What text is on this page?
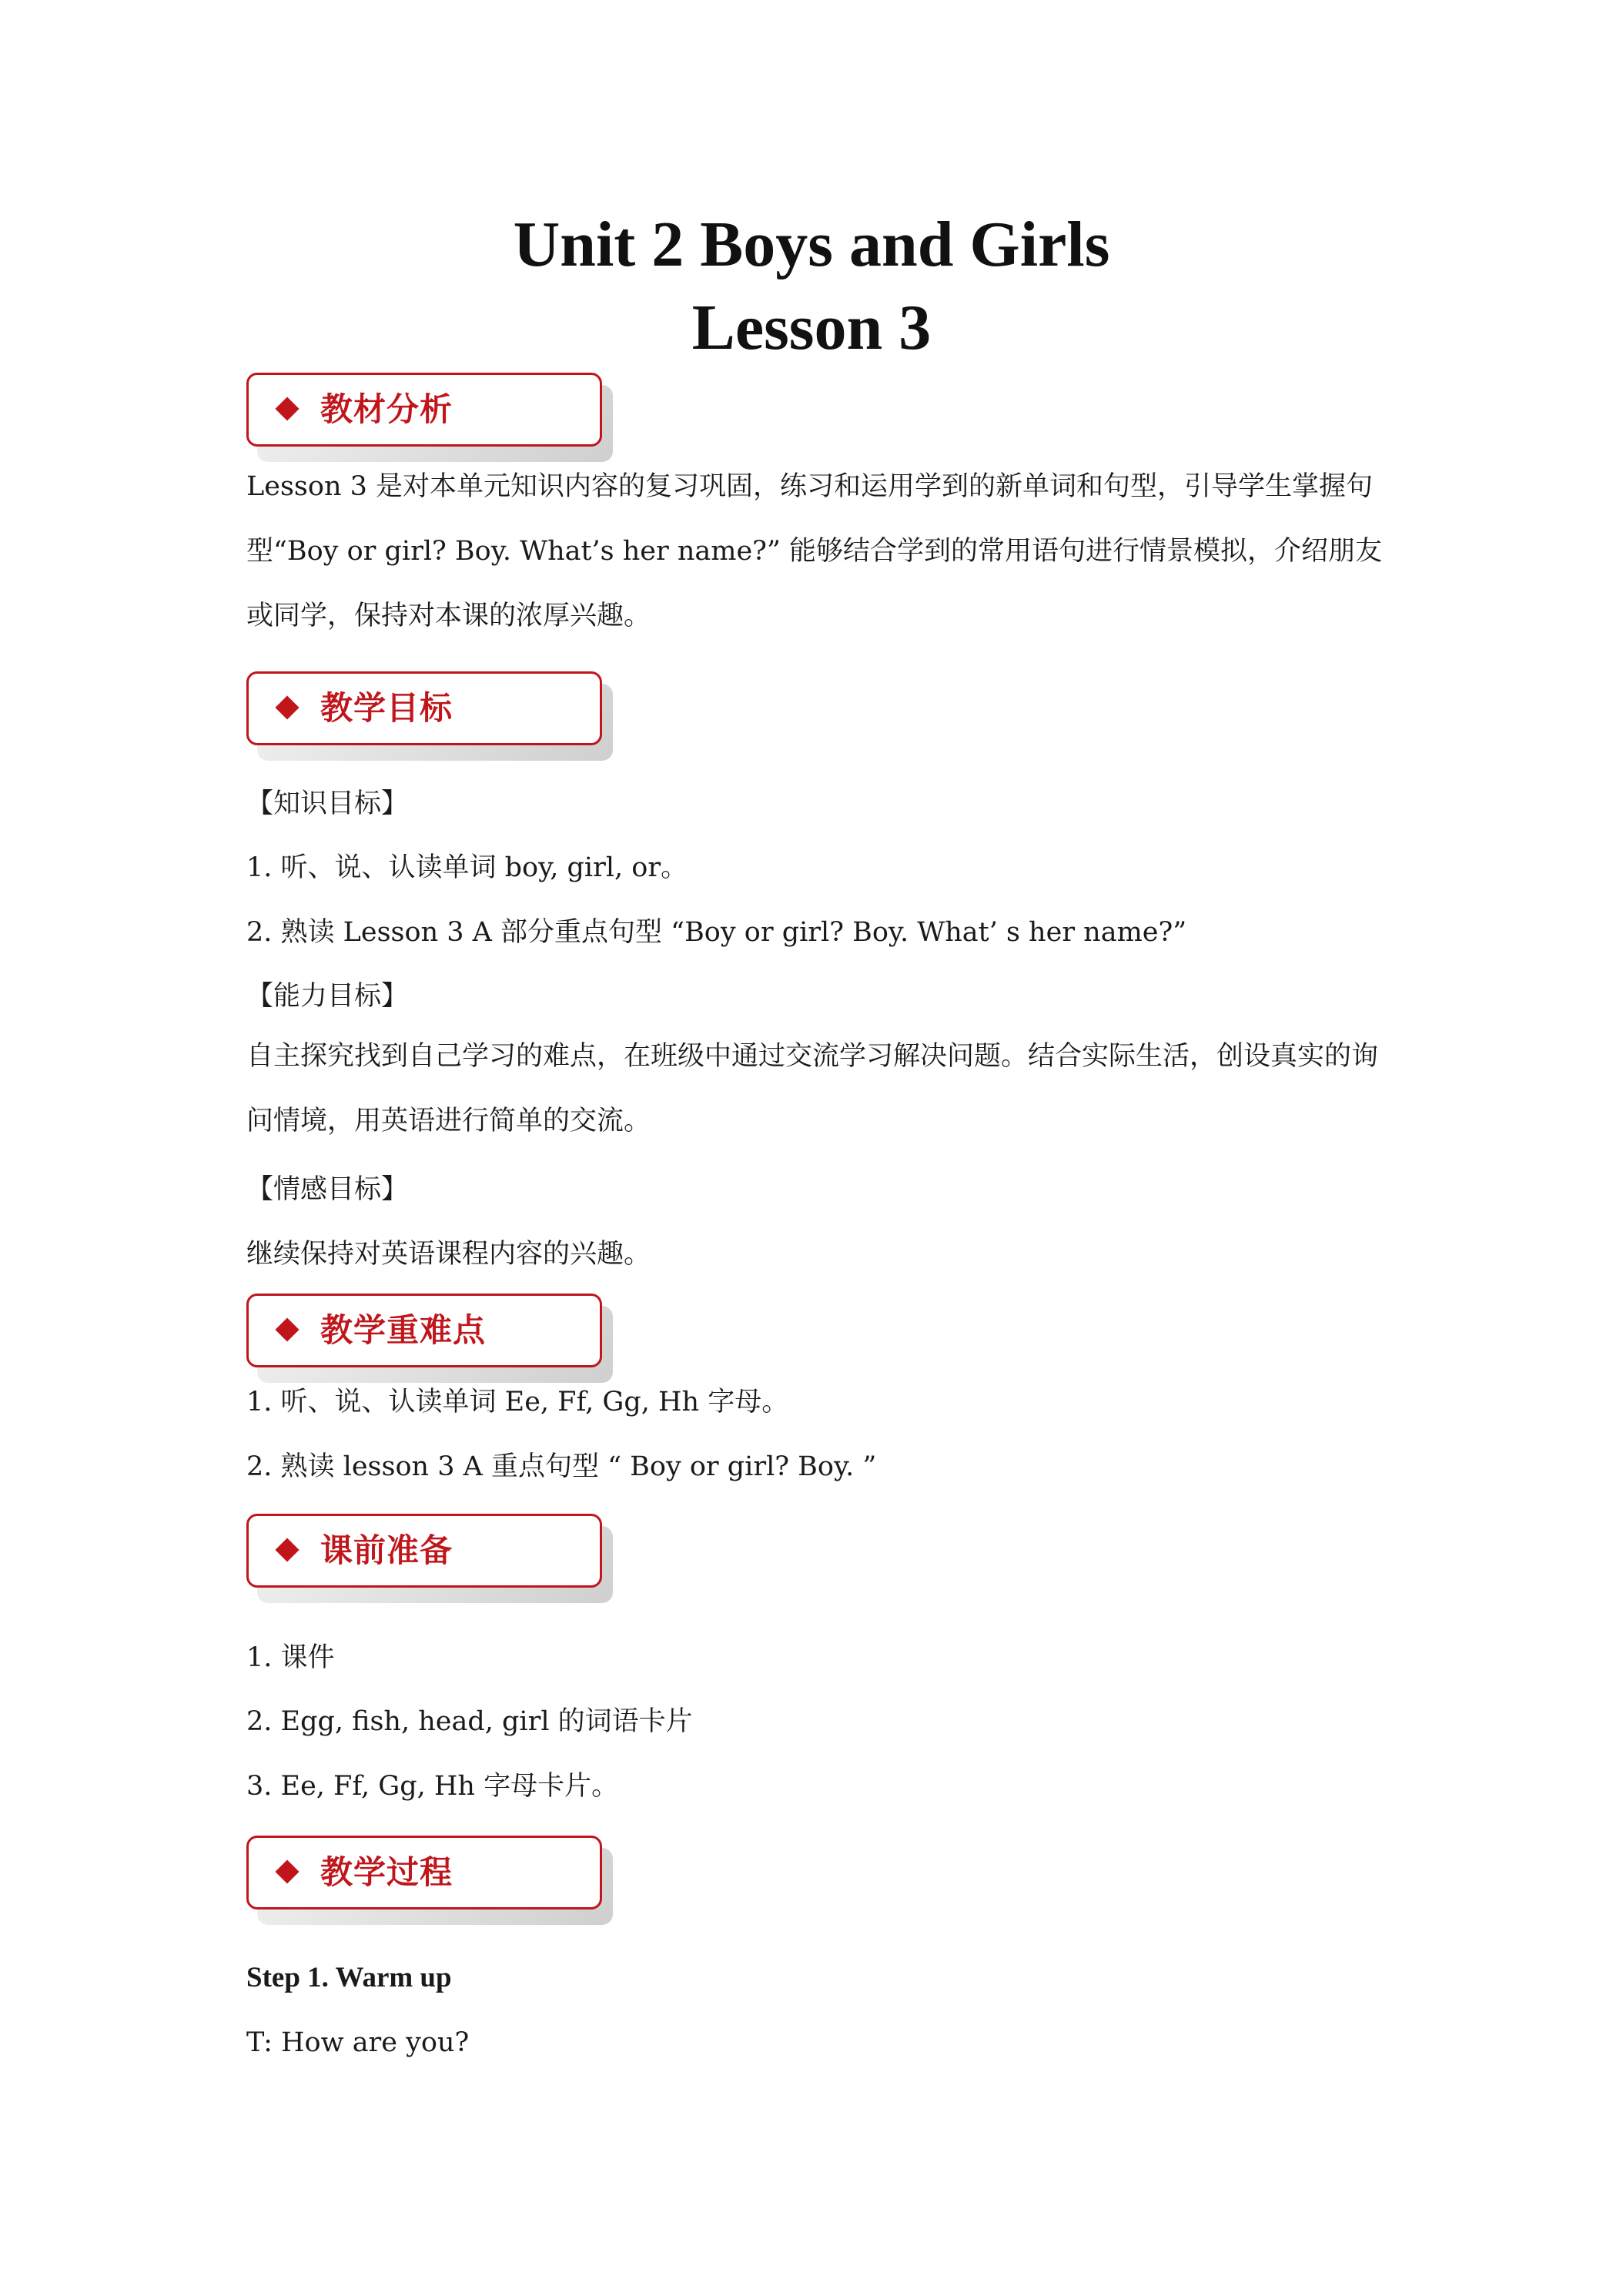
Unit 2 Boys and Girls
Lesson 3
教材分析

Lesson 3 是对本单元知识内容的复习巩固，练习和运用学到的新单词和句型，引导学生掌握句型“Boy or girl? Boy. What’s her name?” 能够结合学到的常用语句进行情景模拟，介绍朋友或同学，保持对本课的浓厚兴趣。

教学目标
【知识目标】
1. 听、说、认读单词 boy, girl, or。
2. 熟读 Lesson 3 A 部分重点句型 “Boy or girl? Boy. What’ s her name?”
【能力目标】

自主探究找到自己学习的难点，在班级中通过交流学习解决问题。结合实际生活，创设真实的询问情境，用英语进行简单的交流。

【情感目标】
继续保持对英语课程内容的兴趣。
教学重难点
1. 听、说、认读单词 Ee, Ff, Gg, Hh 字母。
2. 熟读 lesson 3 A 重点句型 “ Boy or girl? Boy. ”
课前准备
1. 课件
2. Egg, fish, head, girl 的词语卡片
3. Ee, Ff, Gg, Hh 字母卡片。
教学过程
Step 1. Warm up
T: How are you?
